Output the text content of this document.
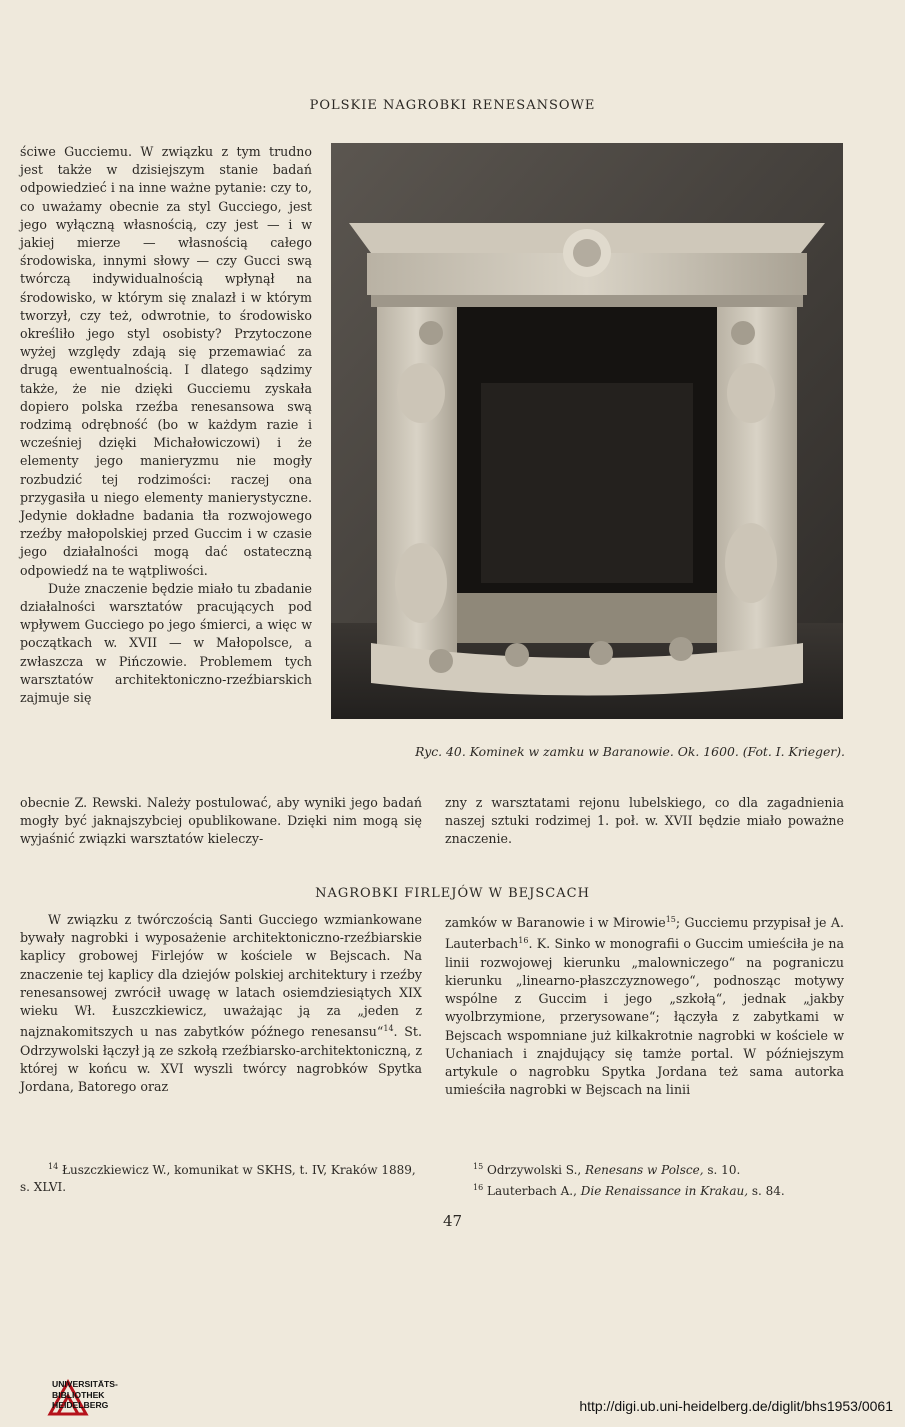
POLSKIE NAGROBKI RENESANSOWE

ściwe Gucciemu. W związku z tym trudno jest także w dzisiejszym stanie badań odpowiedzieć i na inne ważne pytanie: czy to, co uważamy obecnie za styl Gucciego, jest jego wyłączną własnością, czy jest — i w jakiej mierze — własnością całego środowiska, innymi słowy — czy Gucci swą twórczą indywidualnością wpłynął na środowisko, w którym się znalazł i w którym tworzył, czy też, odwrotnie, to środowisko określiło jego styl osobisty? Przytoczone wyżej względy zdają się przemawiać za drugą ewentualnością. I dlatego sądzimy także, że nie dzięki Gucciemu zyskała dopiero polska rzeźba renesansowa swą rodzimą odrębność (bo w każdym razie i wcześniej dzięki Michałowiczowi) i że elementy jego manieryzmu nie mogły rozbudzić tej rodzimości: raczej ona przygasiła u niego elementy manierystyczne. Jedynie dokładne badania tła rozwojowego rzeźby małopolskiej przed Guccim i w czasie jego działalności mogą dać ostateczną odpowiedź na te wątpliwości.

Duże znaczenie będzie miało tu zbadanie działalności warsztatów pracujących pod wpływem Gucciego po jego śmierci, a więc w początkach w. XVII — w Małopolsce, a zwłaszcza w Pińczowie. Problemem tych warsztatów architektoniczno-rzeźbiarskich zajmuje się

Ryc. 40. Kominek w zamku w Baranowie. Ok. 1600. (Fot. I. Krieger).

obecnie Z. Rewski. Należy postulować, aby wyniki jego badań mogły być jaknajszybciej opublikowane. Dzięki nim mogą się wyjaśnić związki warsztatów kieleczy-

zny z warsztatami rejonu lubelskiego, co dla zagadnienia naszej sztuki rodzimej 1. poł. w. XVII będzie miało poważne znaczenie.

NAGROBKI FIRLEJÓW W BEJSCACH

W związku z twórczością Santi Gucciego wzmiankowane bywały nagrobki i wyposażenie architektoniczno-rzeźbiarskie kaplicy grobowej Firlejów w kościele w Bejscach. Na znaczenie tej kaplicy dla dziejów polskiej architektury i rzeźby renesansowej zwrócił uwagę w latach osiemdziesiątych XIX wieku Wł. Łuszczkiewicz, uważając ją za „jeden z najznakomitszych u nas zabytków późnego renesansu“$^{14}$. St. Odrzywolski łączył ją ze szkołą rzeźbiarsko-architektoniczną, z której w końcu w. XVI wyszli twórcy nagrobków Spytka Jordana, Batorego oraz

zamków w Baranowie i w Mirowie$^{15}$; Gucciemu przypisał je A. Lauterbach$^{16}$. K. Sinko w monografii o Guccim umieściła je na linii rozwojowej kierunku „malowniczego“ na pograniczu kierunku „linearno-płaszczyznowego“, podnosząc motywy wspólne z Guccim i jego „szkołą“, jednak „jakby wyolbrzymione, przerysowane“; łączyła z zabytkami w Bejscach wspomniane już kilkakrotnie nagrobki w kościele w Uchaniach i znajdujący się tamże portal. W późniejszym artykule o nagrobku Spytka Jordana też sama autorka umieściła nagrobki w Bejscach na linii

$^{14}$ Łuszczkiewicz W., komunikat w SKHS, t. IV, Kraków 1889, s. XLVI.

$^{15}$ Odrzywolski S., Renesans w Polsce, s. 10.

$^{16}$ Lauterbach A., Die Renaissance in Krakau, s. 84.

47
UNIVERSITÄTS-
BIBLIOTHEK
HEIDELBERG	http://digi.ub.uni-heidelberg.de/diglit/bhs1953/0061
